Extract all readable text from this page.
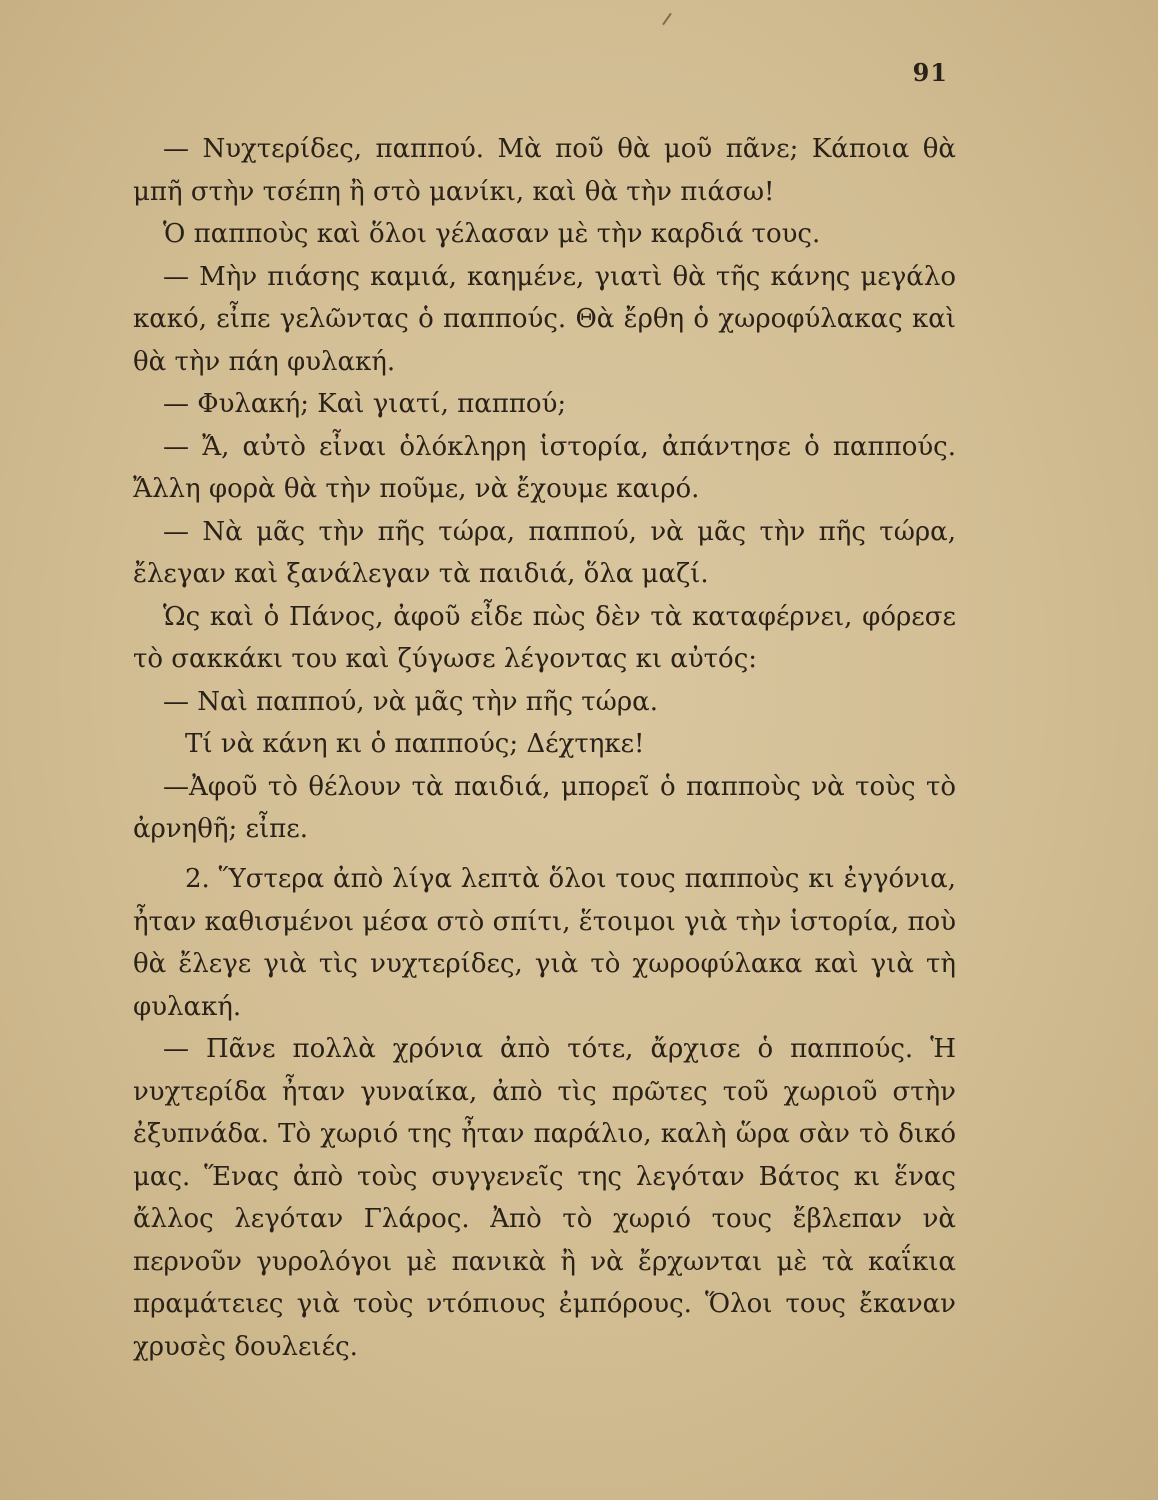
91

— Νυχτερίδες, παππού. Μὰ ποῦ θὰ μοῦ πᾶνε; Κάποια θὰ μπῆ στὴν τσέπη ἢ στὸ μανίκι, καὶ θὰ τὴν πιάσω!

Ὁ παπποὺς καὶ ὅλοι γέλασαν μὲ τὴν καρδιά τους.

— Μὴν πιάσης καμιά, καημένε, γιατὶ θὰ τῆς κάνης μεγάλο κακό, εἶπε γελῶντας ὁ παππούς. Θὰ ἔρθη ὁ χωροφύλακας καὶ θὰ τὴν πάη φυλακή.

— Φυλακή; Καὶ γιατί, παππού;

— Ἄ, αὐτὸ εἶναι ὁλόκληρη ἱστορία, ἀπάντησε ὁ παππούς. Ἄλλη φορὰ θὰ τὴν ποῦμε, νὰ ἔχουμε καιρό.

— Νὰ μᾶς τὴν πῆς τώρα, παππού, νὰ μᾶς τὴν πῆς τώρα, ἔλεγαν καὶ ξανάλεγαν τὰ παιδιά, ὅλα μαζί.

Ὡς καὶ ὁ Πάνος, ἀφοῦ εἶδε πὼς δὲν τὰ καταφέρνει, φόρεσε τὸ σακκάκι του καὶ ζύγωσε λέγοντας κι αὐτός:

— Ναὶ παππού, νὰ μᾶς τὴν πῆς τώρα.

Τί νὰ κάνη κι ὁ παππούς; Δέχτηκε!

—Ἀφοῦ τὸ θέλουν τὰ παιδιά, μπορεῖ ὁ παπποὺς νὰ τοὺς τὸ ἀρνηθῆ; εἶπε.

2. Ὕστερα ἀπὸ λίγα λεπτὰ ὅλοι τους παπποὺς κι ἐγγόνια, ἦταν καθισμένοι μέσα στὸ σπίτι, ἕτοιμοι γιὰ τὴν ἱστορία, ποὺ θὰ ἔλεγε γιὰ τὶς νυχτερίδες, γιὰ τὸ χωροφύλακα καὶ γιὰ τὴ φυλακή.

— Πᾶνε πολλὰ χρόνια ἀπὸ τότε, ἄρχισε ὁ παππούς. Ἡ νυχτερίδα ἦταν γυναίκα, ἀπὸ τὶς πρῶτες τοῦ χωριοῦ στὴν ἐξυπνάδα. Τὸ χωριό της ἦταν παράλιο, καλὴ ὥρα σὰν τὸ δικό μας. Ἕνας ἀπὸ τοὺς συγγενεῖς της λεγόταν Βάτος κι ἕνας ἄλλος λεγόταν Γλάρος. Ἀπὸ τὸ χωριό τους ἔβλεπαν νὰ περνοῦν γυρολόγοι μὲ πανικὰ ἢ νὰ ἔρχωνται μὲ τὰ καΐκια πραμάτειες γιὰ τοὺς ντόπιους ἐμπόρους. Ὅλοι τους ἔκαναν χρυσὲς δουλειές.
